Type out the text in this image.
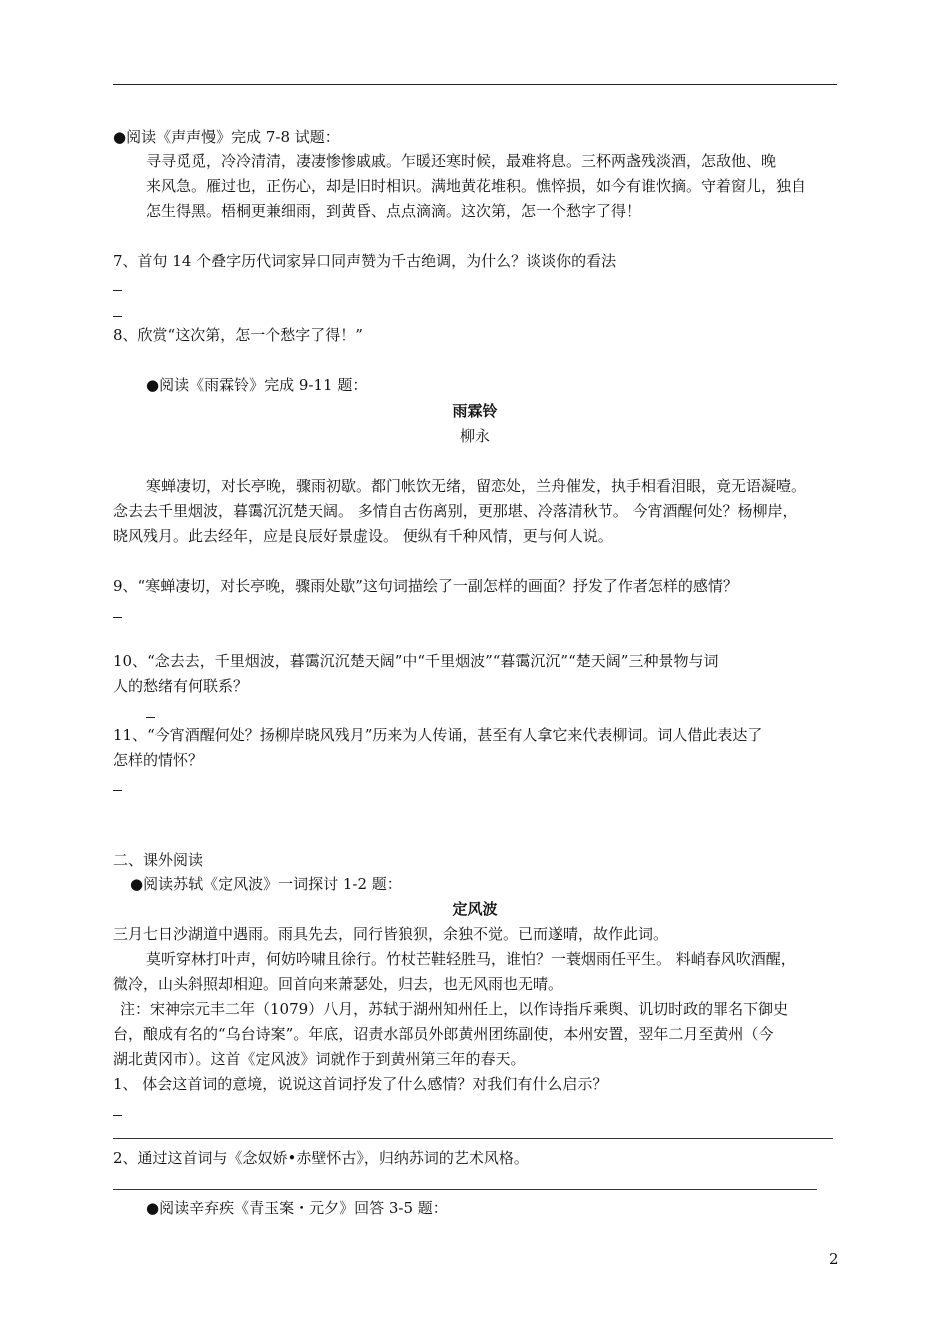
●阅读《声声慢》完成 7-8 试题：
寻寻觅觅，冷冷清清，凄凄惨惨戚戚。乍暖还寒时候，最难将息。三杯两盏残淡酒，怎敌他、晚
来风急。雁过也，正伤心，却是旧时相识。满地黄花堆积。憔悴损，如今有谁忺摘。守着窗儿，独自
怎生得黑。梧桐更兼细雨，到黄昏、点点滴滴。这次第，怎一个愁字了得！
7、首句 14 个叠字历代词家异口同声赞为千古绝调，为什么？谈谈你的看法
8、欣赏“这次第，怎一个愁字了得！”
●阅读《雨霖铃》完成 9-11 题：
雨霖铃
柳永
寒蝉凄切，对长亭晚，骤雨初歇。都门帐饮无绪，留恋处，兰舟催发，执手相看泪眼，竟无语凝噎。
念去去千里烟波，暮霭沉沉楚天阔。 多情自古伤离别，更那堪、冷落清秋节。 今宵酒醒何处？杨柳岸，
晓风残月。此去经年，应是良辰好景虚设。 便纵有千种风情，更与何人说。
9、“寒蝉凄切，对长亭晚，骤雨处歇”这句词描绘了一副怎样的画面？抒发了作者怎样的感情？
10、“念去去，千里烟波，暮霭沉沉楚天阔”中“千里烟波”“暮霭沉沉”“楚天阔”三种景物与词
人的愁绪有何联系？
11、“今宵酒醒何处？扬柳岸晓风残月”历来为人传诵，甚至有人拿它来代表柳词。词人借此表达了
怎样的情怀？
二、课外阅读
●阅读苏轼《定风波》一词探讨 1-2 题：
定风波
三月七日沙湖道中遇雨。雨具先去，同行皆狼狈，余独不觉。已而遂晴，故作此词。
莫听穿林打叶声，何妨吟啸且徐行。竹杖芒鞋轻胜马，谁怕？一蓑烟雨任平生。 料峭春风吹酒醒，
微冷，山头斜照却相迎。回首向来萧瑟处，归去，也无风雨也无晴。
注：宋神宗元丰二年（1079）八月，苏轼于湖州知州任上，以作诗指斥乘舆、讥切时政的罪名下御史
台，酿成有名的“乌台诗案”。年底，诏责水部员外郎黄州团练副使，本州安置，翌年二月至黄州（今
湖北黄冈市）。这首《定风波》词就作于到黄州第三年的春天。
1、 体会这首词的意境，说说这首词抒发了什么感情？对我们有什么启示？
2、通过这首词与《念奴娇•赤壁怀古》，归纳苏词的艺术风格。
●阅读辛弃疾《青玉案・元夕》回答 3-5 题：
2
